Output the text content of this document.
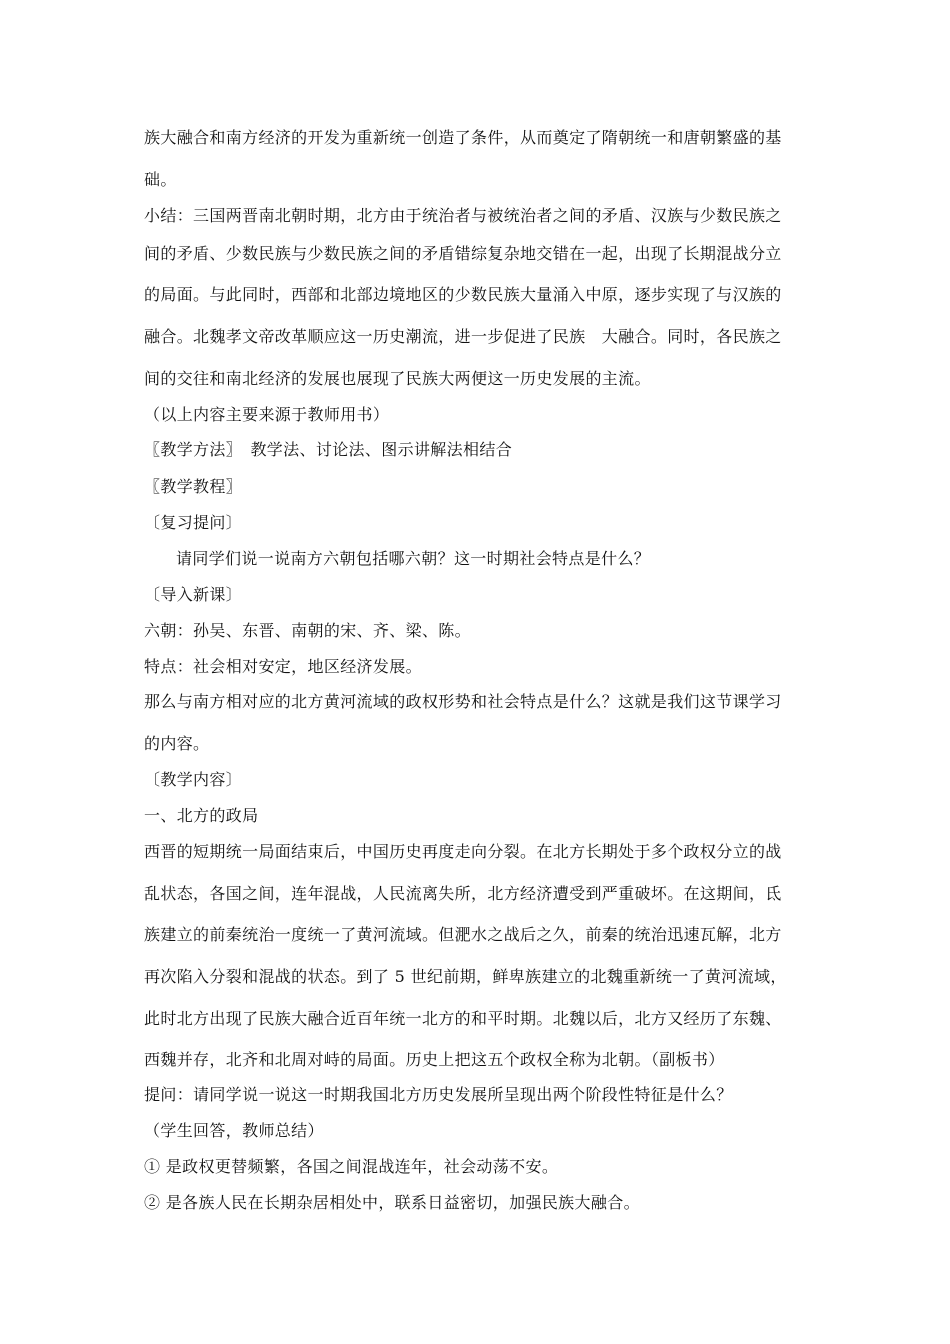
族大融合和南方经济的开发为重新统一创造了条件，从而奠定了隋朝统一和唐朝繁盛的基
础。
小结：三国两晋南北朝时期，北方由于统治者与被统治者之间的矛盾、汉族与少数民族之
间的矛盾、少数民族与少数民族之间的矛盾错综复杂地交错在一起，出现了长期混战分立
的局面。与此同时，西部和北部边境地区的少数民族大量涌入中原，逐步实现了与汉族的
融合。北魏孝文帝改革顺应这一历史潮流，进一步促进了民族　大融合。同时，各民族之
间的交往和南北经济的发展也展现了民族大两便这一历史发展的主流。
（以上内容主要来源于教师用书）
〖教学方法〗　教学法、讨论法、图示讲解法相结合
〖教学教程〗
〔复习提问〕
请同学们说一说南方六朝包括哪六朝？这一时期社会特点是什么？
〔导入新课〕
六朝：孙吴、东晋、南朝的宋、齐、梁、陈。
特点：社会相对安定，地区经济发展。
那么与南方相对应的北方黄河流域的政权形势和社会特点是什么？这就是我们这节课学习
的内容。
〔教学内容〕
一、北方的政局
西晋的短期统一局面结束后，中国历史再度走向分裂。在北方长期处于多个政权分立的战
乱状态，各国之间，连年混战，人民流离失所，北方经济遭受到严重破坏。在这期间，氐
族建立的前秦统治一度统一了黄河流域。但淝水之战后之久，前秦的统治迅速瓦解，北方
再次陷入分裂和混战的状态。到了 5 世纪前期，鲜卑族建立的北魏重新统一了黄河流域，
此时北方出现了民族大融合近百年统一北方的和平时期。北魏以后，北方又经历了东魏、
西魏并存，北齐和北周对峙的局面。历史上把这五个政权全称为北朝。（副板书）
提问：请同学说一说这一时期我国北方历史发展所呈现出两个阶段性特征是什么？
（学生回答，教师总结）
① 是政权更替频繁，各国之间混战连年，社会动荡不安。
② 是各族人民在长期杂居相处中，联系日益密切，加强民族大融合。
